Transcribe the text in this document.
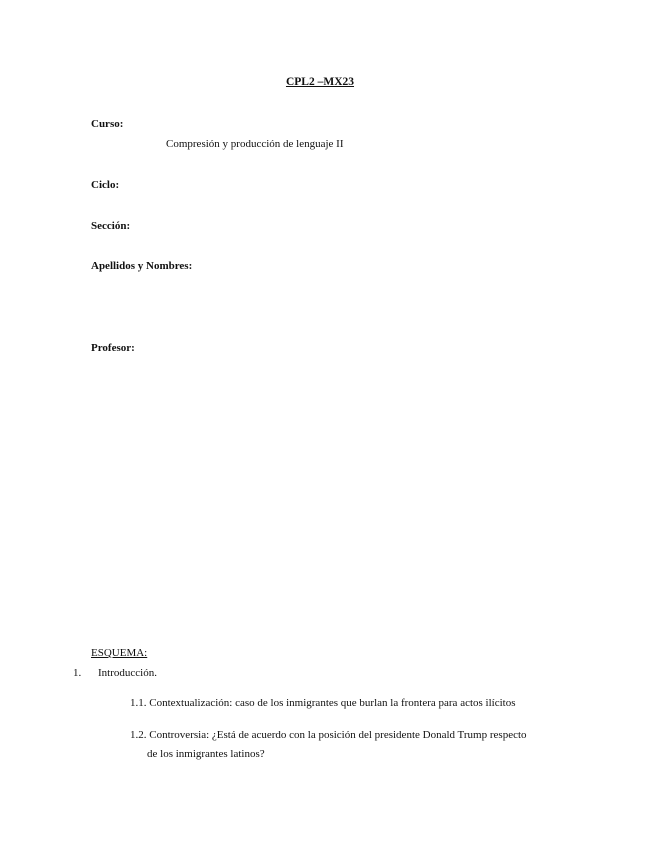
CPL2 –MX23
Curso:
Compresión y producción de lenguaje II
Ciclo:
Sección:
Apellidos y Nombres:
Profesor:
ESQUEMA:
1. Introducción.
1.1. Contextualización: caso de los inmigrantes que burlan la frontera para actos ilícitos
1.2. Controversia: ¿Está de acuerdo con la posición del presidente Donald Trump respecto
de los inmigrantes latinos?
